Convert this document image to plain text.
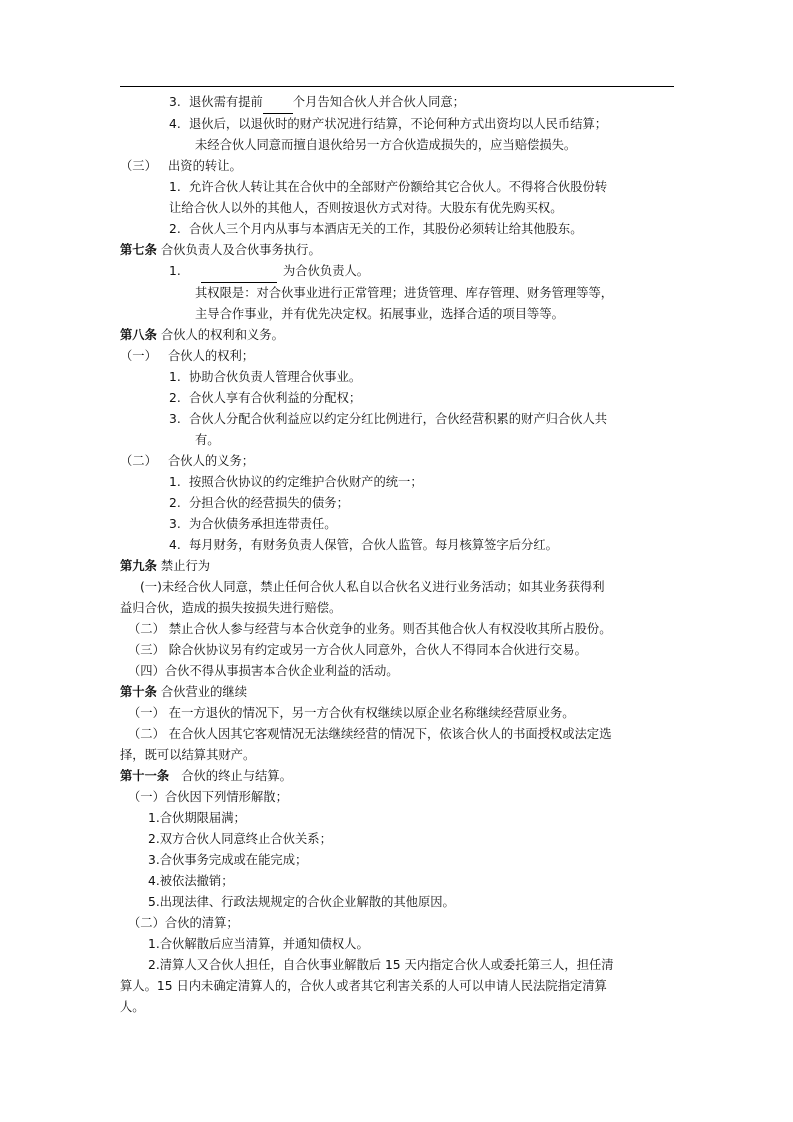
3. 退伙需有提前 个月告知合伙人并合伙人同意；
4. 退伙后，以退伙时的财产状况进行结算，不论何种方式出资均以人民币结算；
未经合伙人同意而擅自退伙给另一方合伙造成损失的，应当赔偿损失。
（三） 出资的转让。
1. 允许合伙人转让其在合伙中的全部财产份额给其它合伙人。不得将合伙股份转
让给合伙人以外的其他人，否则按退伙方式对待。大股东有优先购买权。
2. 合伙人三个月内从事与本酒店无关的工作，其股份必须转让给其他股东。
第七条 合伙负责人及合伙事务执行。
1.	为合伙负责人。
其权限是：对合伙事业进行正常管理；进货管理、库存管理、财务管理等等，
主导合作事业，并有优先决定权。拓展事业，选择合适的项目等等。
第八条 合伙人的权利和义务。
（一） 合伙人的权利；
1. 协助合伙负责人管理合伙事业。
2. 合伙人享有合伙利益的分配权；
3. 合伙人分配合伙利益应以约定分红比例进行，合伙经营积累的财产归合伙人共
有。
（二） 合伙人的义务；
1. 按照合伙协议的约定维护合伙财产的统一；
2. 分担合伙的经营损失的债务；
3. 为合伙债务承担连带责任。
4. 每月财务，有财务负责人保管，合伙人监管。每月核算签字后分红。
第九条 禁止行为
(一)未经合伙人同意，禁止任何合伙人私自以合伙名义进行业务活动；如其业务获得利
益归合伙，造成的损失按损失进行赔偿。
（二） 禁止合伙人参与经营与本合伙竞争的业务。则否其他合伙人有权没收其所占股份。
（三） 除合伙协议另有约定或另一方合伙人同意外，合伙人不得同本合伙进行交易。
（四）合伙不得从事损害本合伙企业利益的活动。
第十条 合伙营业的继续
（一） 在一方退伙的情况下，另一方合伙有权继续以原企业名称继续经营原业务。
（二） 在合伙人因其它客观情况无法继续经营的情况下，依该合伙人的书面授权或法定选
择，既可以结算其财产。
第十一条 合伙的终止与结算。
（一）合伙因下列情形解散；
1.合伙期限届满；
2.双方合伙人同意终止合伙关系；
3.合伙事务完成或在能完成；
4.被依法撤销；
5.出现法律、行政法规规定的合伙企业解散的其他原因。
（二）合伙的清算；
1.合伙解散后应当清算，并通知债权人。
2.清算人又合伙人担任，自合伙事业解散后 15 天内指定合伙人或委托第三人，担任清
算人。15 日内未确定清算人的，合伙人或者其它利害关系的人可以申请人民法院指定清算
人。
